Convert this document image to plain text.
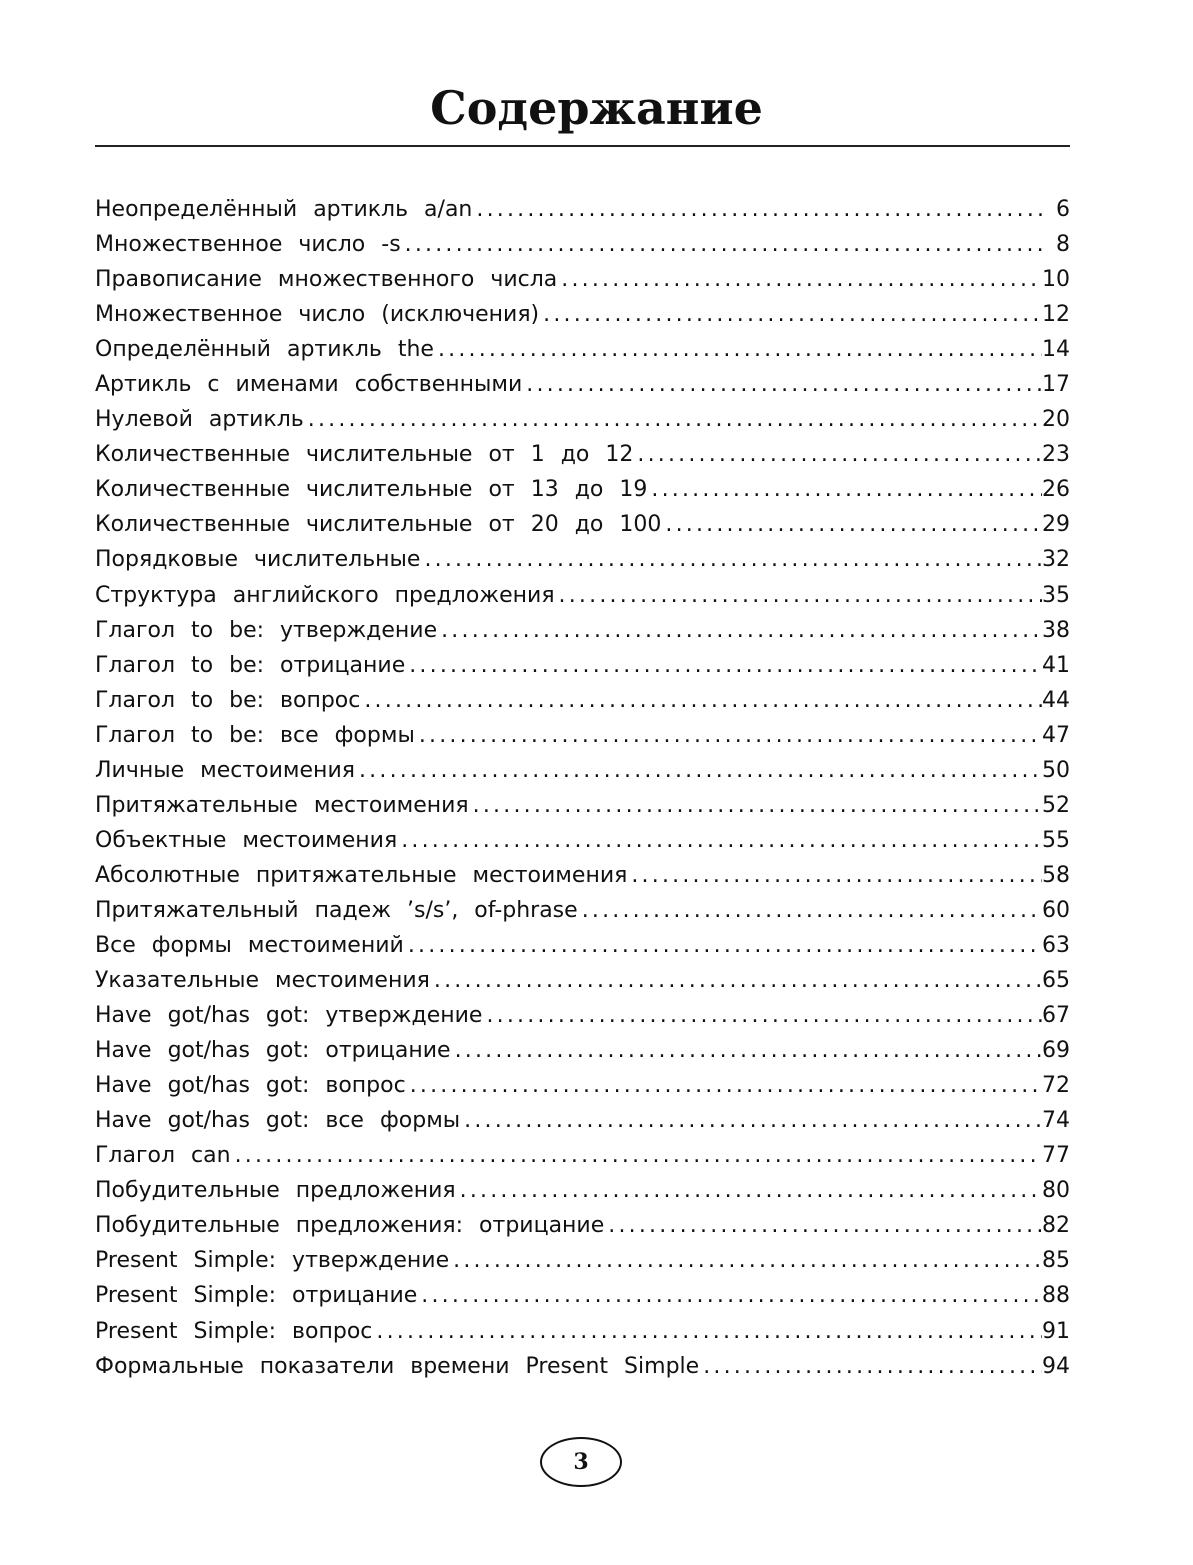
Содержание
Неопределённый артикль a/an .....	6
Множественное число -s .....	8
Правописание множественного числа .....	10
Множественное число (исключения) .....	12
Определённый артикль the .....	14
Артикль с именами собственными .....	17
Нулевой артикль .....	20
Количественные числительные от 1 до 12 .....	23
Количественные числительные от 13 до 19 .....	26
Количественные числительные от 20 до 100 .....	29
Порядковые числительные .....	32
Структура английского предложения .....	35
Глагол to be: утверждение .....	38
Глагол to be: отрицание .....	41
Глагол to be: вопрос .....	44
Глагол to be: все формы .....	47
Личные местоимения .....	50
Притяжательные местоимения .....	52
Объектные местоимения .....	55
Абсолютные притяжательные местоимения .....	58
Притяжательный падеж ’s/s’, of-phrase .....	60
Все формы местоимений .....	63
Указательные местоимения .....	65
Have got/has got: утверждение .....	67
Have got/has got: отрицание .....	69
Have got/has got: вопрос .....	72
Have got/has got: все формы .....	74
Глагол can .....	77
Побудительные предложения .....	80
Побудительные предложения: отрицание .....	82
Present Simple: утверждение .....	85
Present Simple: отрицание .....	88
Present Simple: вопрос .....	91
Формальные показатели времени Present Simple .....	94
3
